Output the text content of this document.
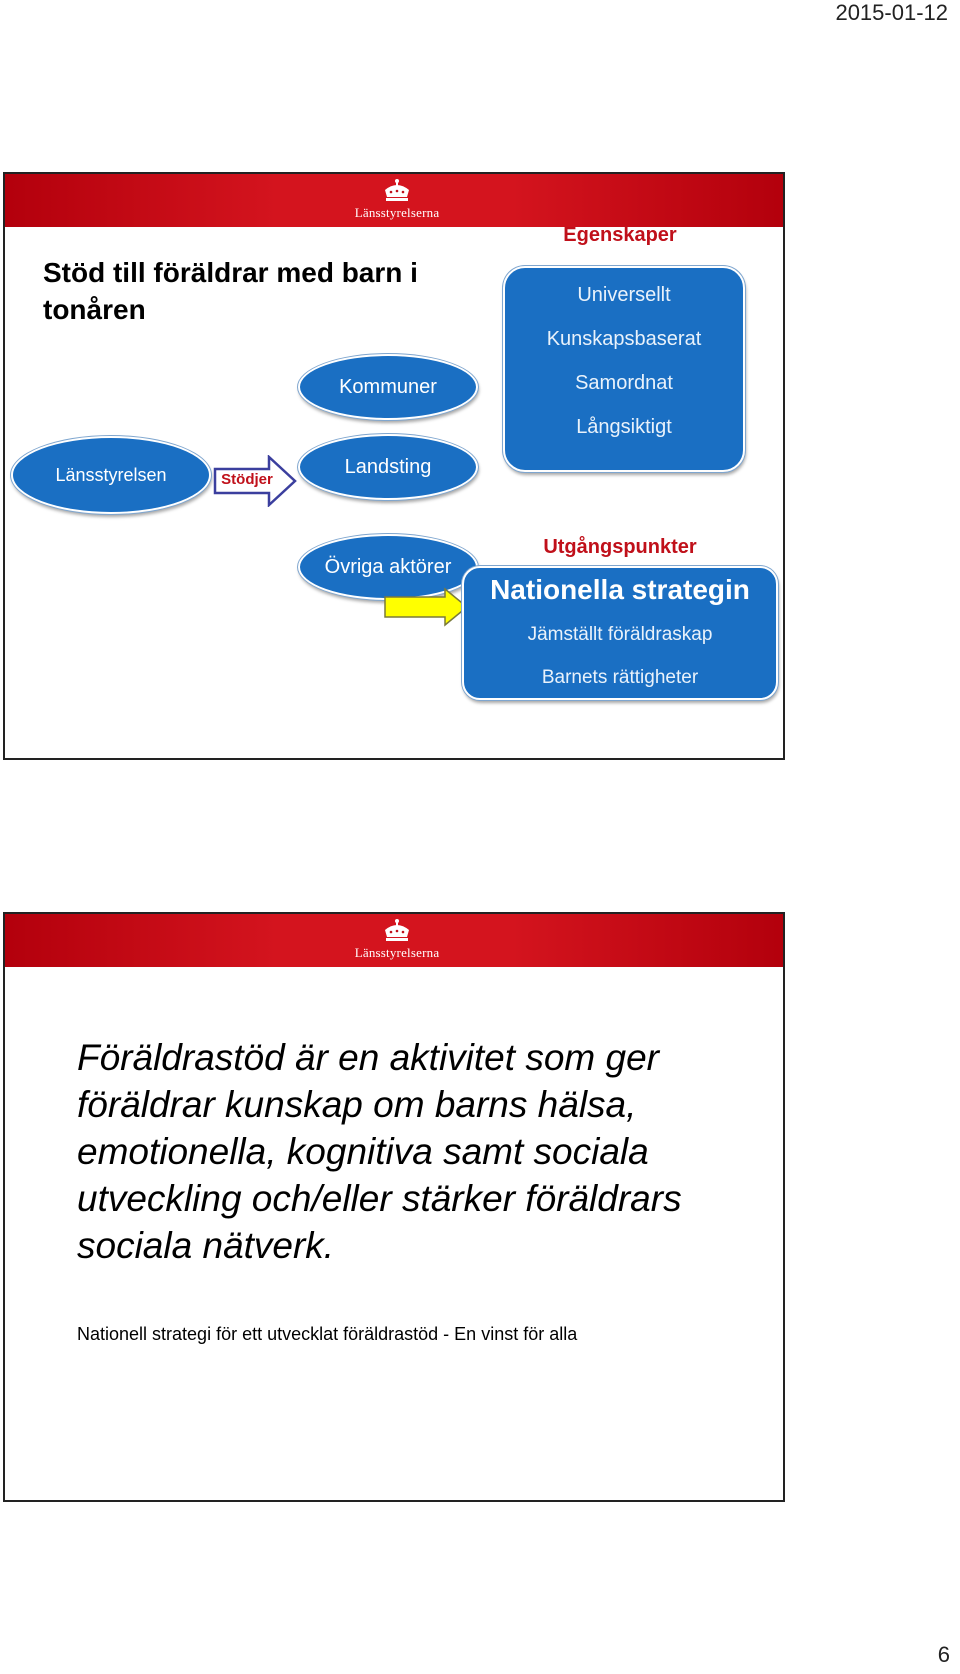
2015-01-12
Länsstyrelserna
Stöd till föräldrar med barn i tonåren
Egenskaper
Universellt
Kunskapsbaserat
Samordnat
Långsiktigt
Kommuner
Landsting
Länsstyrelsen	Stödjer
Övriga aktörer
Utgångspunkter
Nationella strategin
Jämställt föräldraskap
Barnets rättigheter
Länsstyrelserna
Föräldrastöd är en aktivitet som ger föräldrar kunskap om barns hälsa, emotionella, kognitiva samt sociala utveckling och/eller stärker föräldrars sociala nätverk.
Nationell strategi för ett utvecklat föräldrastöd - En vinst för alla
6
